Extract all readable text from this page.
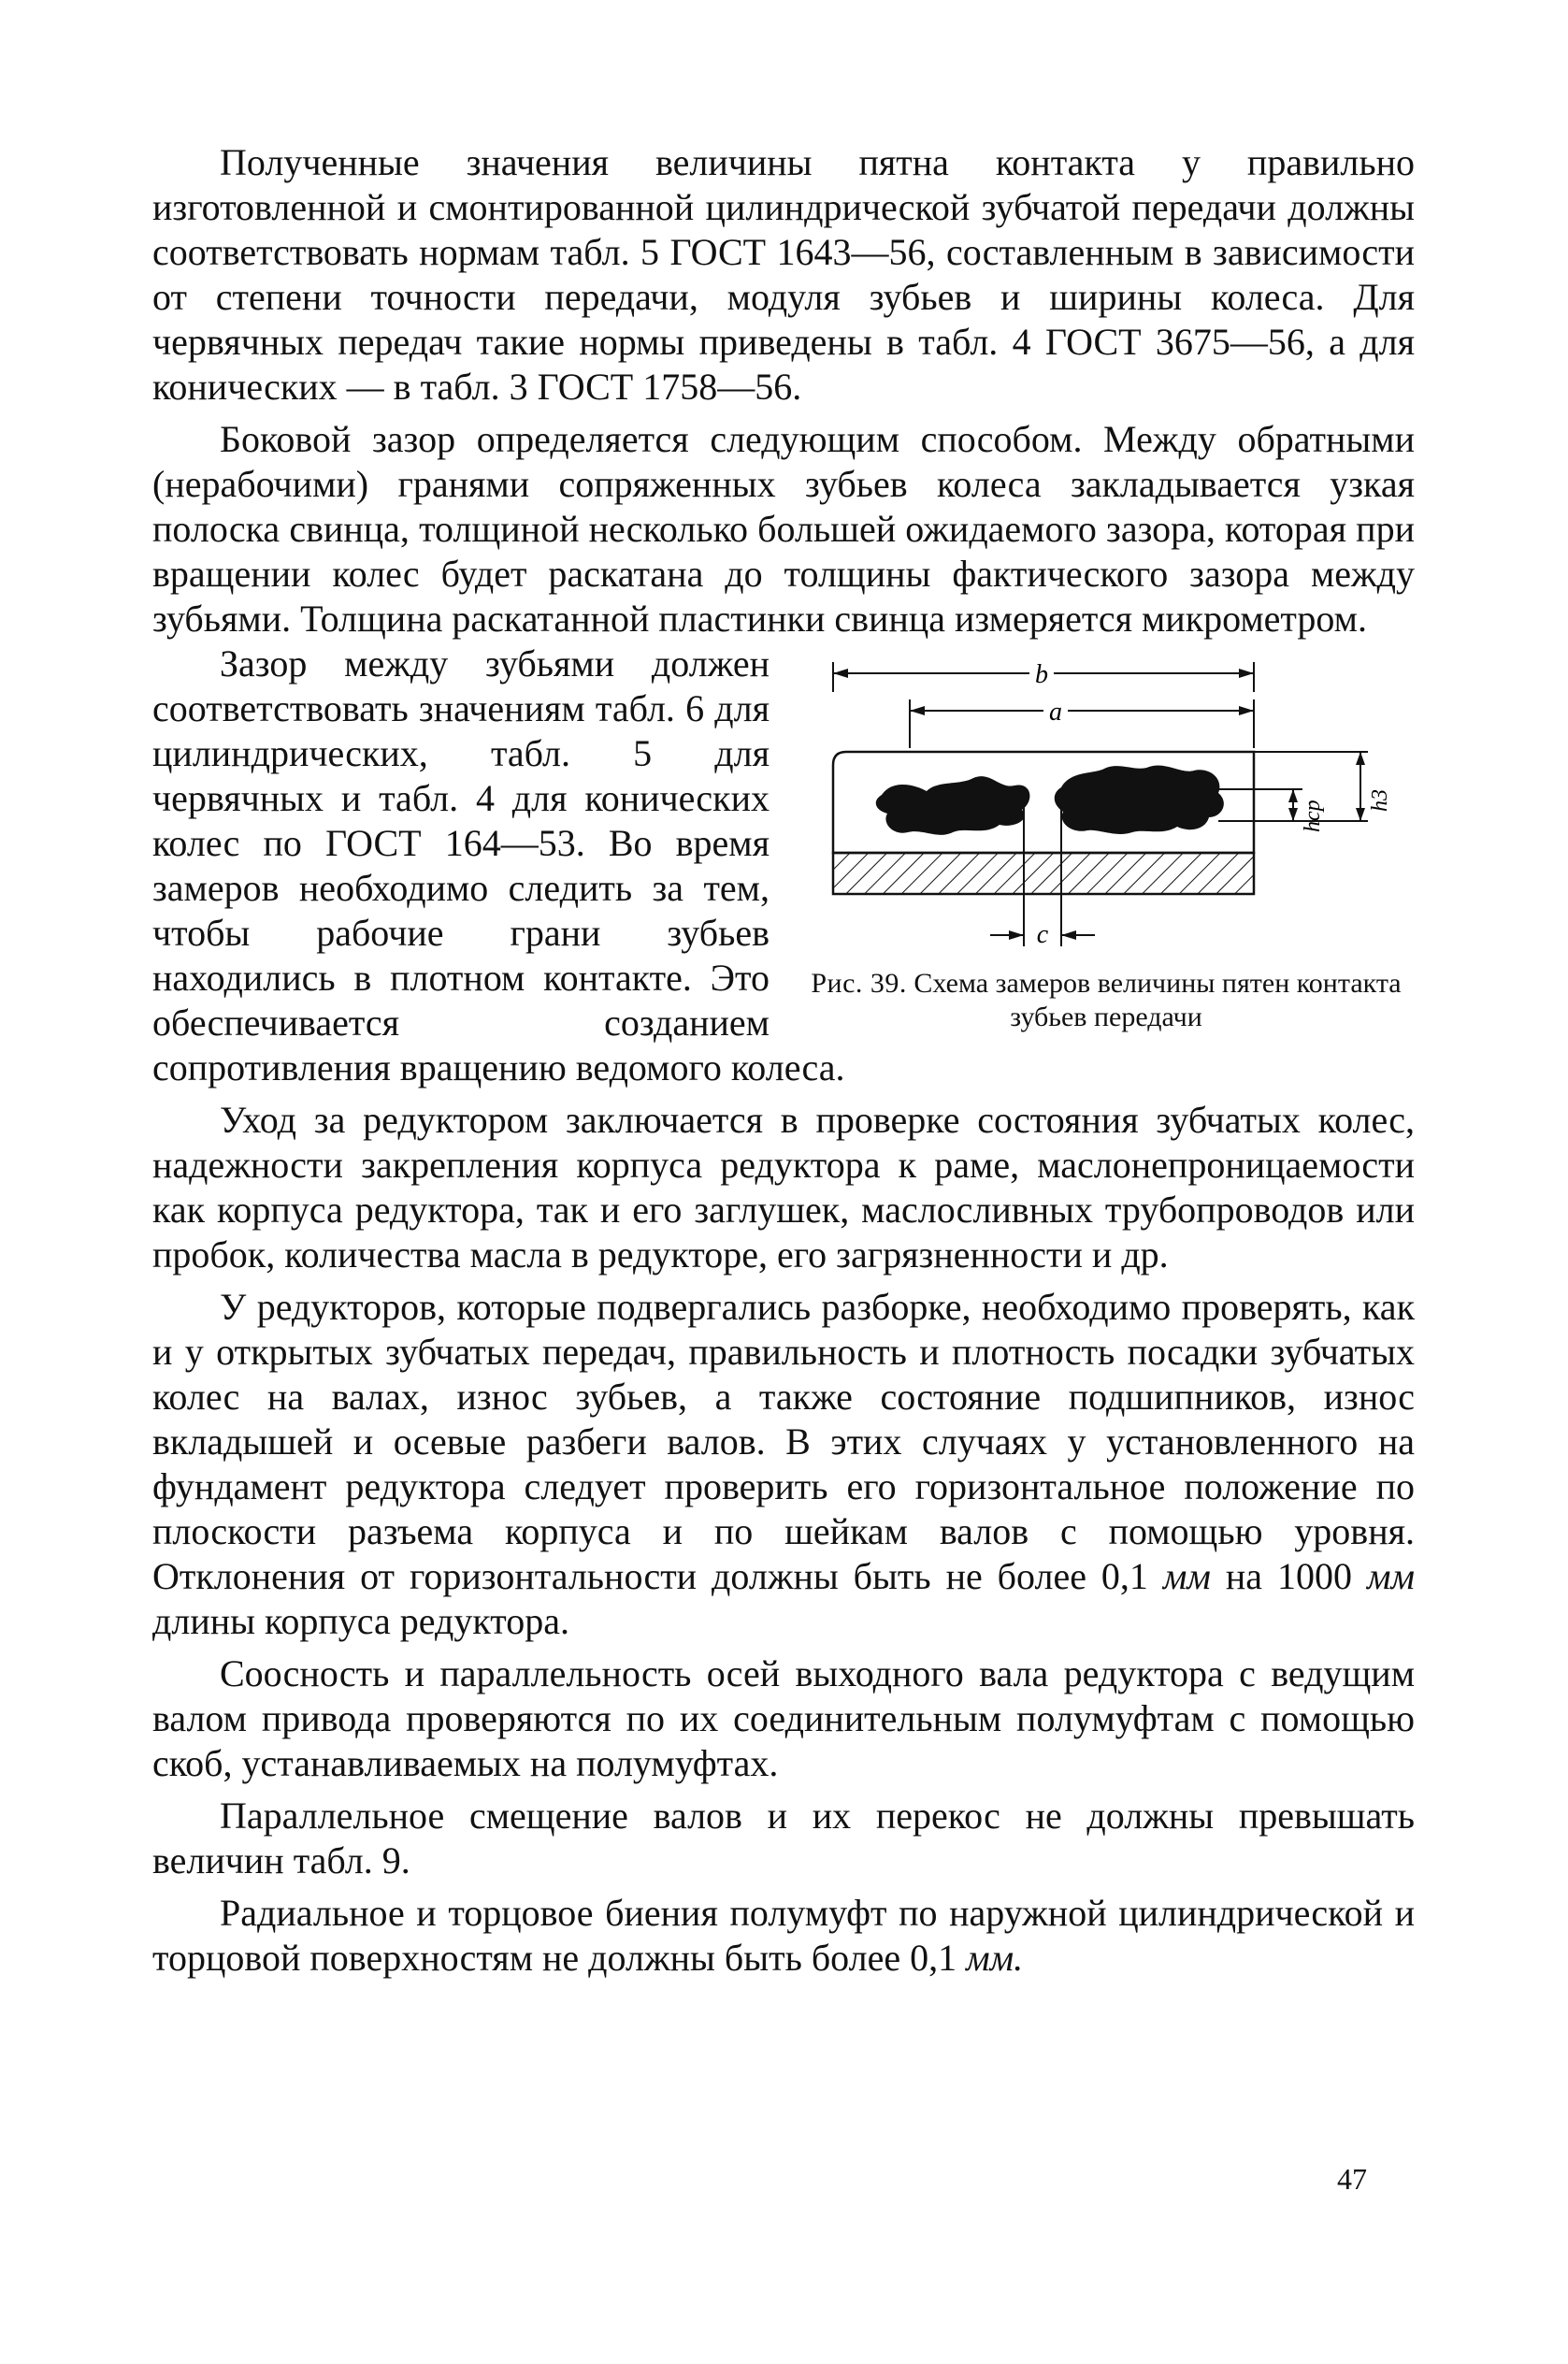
Полученные значения величины пятна контакта у правильно изготовленной и смонтированной цилиндрической зубчатой передачи должны соответствовать нормам табл. 5 ГОСТ 1643—56, составленным в зависимости от степени точности передачи, модуля зубьев и ширины колеса. Для червячных передач такие нормы приведены в табл. 4 ГОСТ 3675—56, а для конических — в табл. 3 ГОСТ 1758—56.

Боковой зазор определяется следующим способом. Между обратными (нерабочими) гранями сопряженных зубьев колеса закладывается узкая полоска свинца, толщиной несколько большей ожидаемого зазора, которая при вращении колес будет раскатана до толщины фактического зазора между зубьями. Толщина раскатанной пластинки свинца измеряется микрометром.

b
a
c
hcp h3
Рис. 39. Схема замеров величины пятен контакта зубьев передачи

Зазор между зубьями должен соответствовать значениям табл. 6 для цилиндрических, табл. 5 для червячных и табл. 4 для конических колес по ГОСТ 164—53. Во время замеров необходимо следить за тем, чтобы рабочие грани зубьев находились в плотном контакте. Это обеспечивается созданием сопротивления вращению ведомого колеса.

Уход за редуктором заключается в проверке состояния зубчатых колес, надежности закрепления корпуса редуктора к раме, маслонепроницаемости как корпуса редуктора, так и его заглушек, маслосливных трубопроводов или пробок, количества масла в редукторе, его загрязненности и др.

У редукторов, которые подвергались разборке, необходимо проверять, как и у открытых зубчатых передач, правильность и плотность посадки зубчатых колес на валах, износ зубьев, а также состояние подшипников, износ вкладышей и осевые разбеги валов. В этих случаях у установленного на фундамент редуктора следует проверить его горизонтальное положение по плоскости разъема корпуса и по шейкам валов с помощью уровня. Отклонения от горизонтальности должны быть не более 0,1 мм на 1000 мм длины корпуса редуктора.

Соосность и параллельность осей выходного вала редуктора с ведущим валом привода проверяются по их соединительным полумуфтам с помощью скоб, устанавливаемых на полумуфтах.

Параллельное смещение валов и их перекос не должны превышать величин табл. 9.

Радиальное и торцовое биения полумуфт по наружной цилиндрической и торцовой поверхностям не должны быть более 0,1 мм.

47
